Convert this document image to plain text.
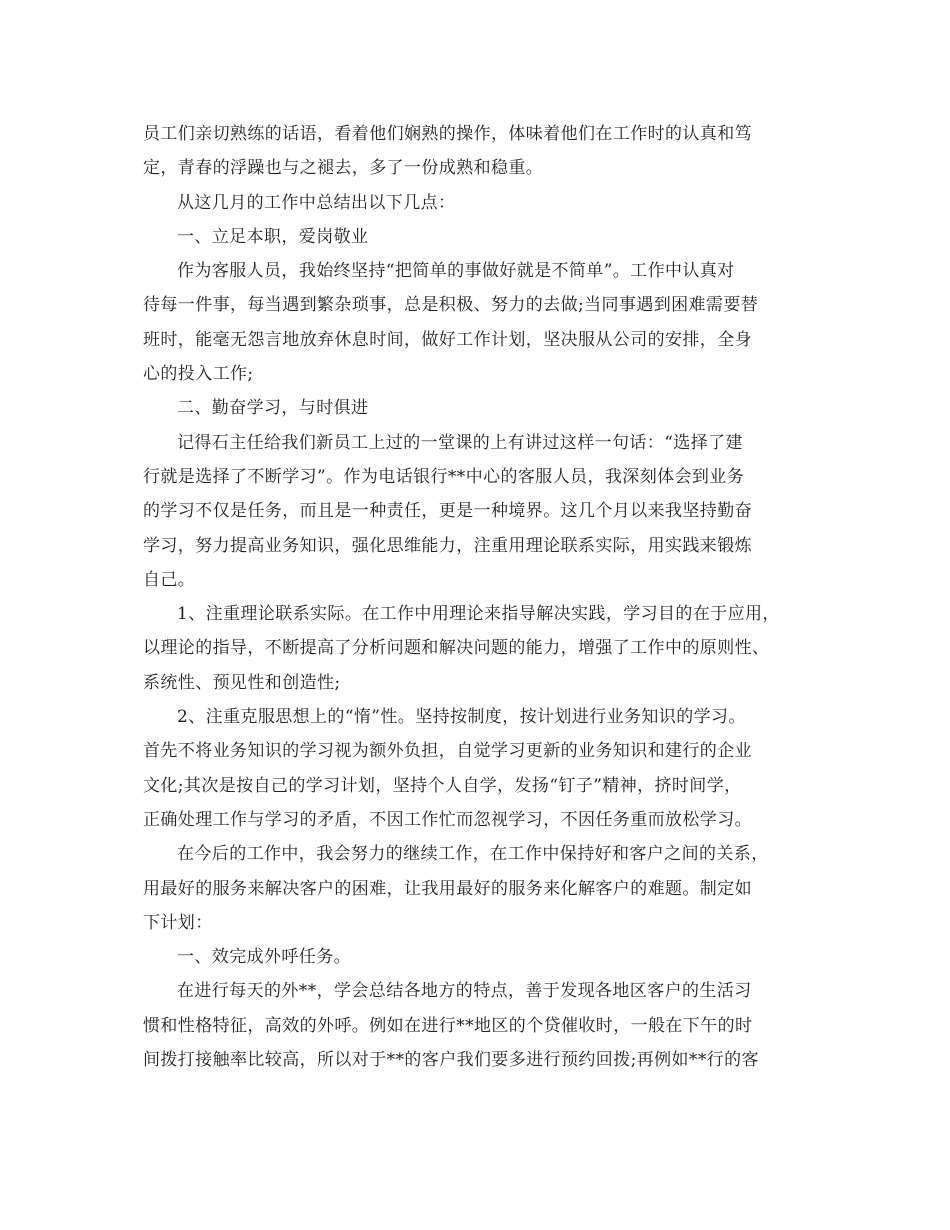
员工们亲切熟练的话语，看着他们娴熟的操作，体味着他们在工作时的认真和笃
定，青春的浮躁也与之褪去，多了一份成熟和稳重。
从这几月的工作中总结出以下几点：
一、立足本职，爱岗敬业
作为客服人员，我始终坚持“把简单的事做好就是不简单”。工作中认真对
待每一件事，每当遇到繁杂琐事，总是积极、努力的去做;当同事遇到困难需要替
班时，能毫无怨言地放弃休息时间，做好工作计划，坚决服从公司的安排，全身
心的投入工作;
二、勤奋学习，与时俱进
记得石主任给我们新员工上过的一堂课的上有讲过这样一句话：“选择了建
行就是选择了不断学习”。作为电话银行**中心的客服人员，我深刻体会到业务
的学习不仅是任务，而且是一种责任，更是一种境界。这几个月以来我坚持勤奋
学习，努力提高业务知识，强化思维能力，注重用理论联系实际，用实践来锻炼
自己。
1、注重理论联系实际。在工作中用理论来指导解决实践，学习目的在于应用，
以理论的指导，不断提高了分析问题和解决问题的能力，增强了工作中的原则性、
系统性、预见性和创造性;
2、注重克服思想上的“惰”性。坚持按制度，按计划进行业务知识的学习。
首先不将业务知识的学习视为额外负担，自觉学习更新的业务知识和建行的企业
文化;其次是按自己的学习计划，坚持个人自学，发扬“钉子”精神，挤时间学，
正确处理工作与学习的矛盾，不因工作忙而忽视学习，不因任务重而放松学习。
在今后的工作中，我会努力的继续工作，在工作中保持好和客户之间的关系，
用最好的服务来解决客户的困难，让我用最好的服务来化解客户的难题。制定如
下计划：
一、效完成外呼任务。
在进行每天的外**，学会总结各地方的特点，善于发现各地区客户的生活习
惯和性格特征，高效的外呼。例如在进行**地区的个贷催收时，一般在下午的时
间拨打接触率比较高，所以对于**的客户我们要多进行预约回拨;再例如**行的客
